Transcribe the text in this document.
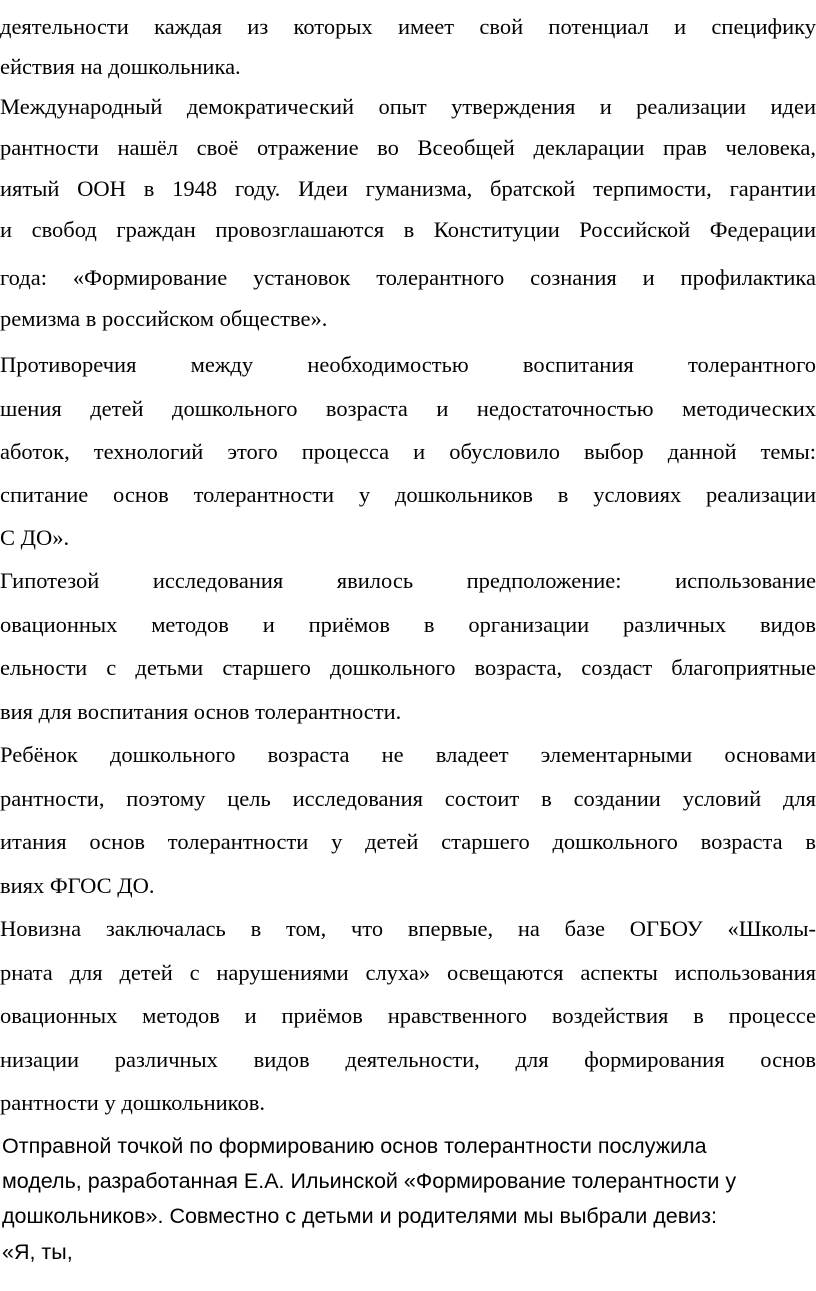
деятельности каждая из которых имеет свой потенциал и специфику
ействия на дошкольника.
Международный демократический опыт утверждения и реализации идеи
рантности нашёл своё отражение во Всеобщей декларации прав человека,
иятый ООН в 1948 году. Идеи гуманизма, братской терпимости, гарантии
и свобод граждан провозглашаются в Конституции Российской Федерации
года: «Формирование установок толерантного сознания и профилактика
ремизма в российском обществе».
Противоречия между необходимостью воспитания толерантного
шения детей дошкольного возраста и недостаточностью методических
аботок, технологий этого процесса и обусловило выбор данной темы:
спитание основ толерантности у дошкольников в условиях реализации
С ДО».
Гипотезой исследования явилось предположение: использование
овационных методов и приёмов в организации различных видов
ельности с детьми старшего дошкольного возраста, создаст благоприятные
вия для воспитания основ толерантности.
Ребёнок дошкольного возраста не владеет элементарными основами
рантности, поэтому цель исследования состоит в создании условий для
итания основ толерантности у детей старшего дошкольного возраста в
виях ФГОС ДО.
Новизна заключалась в том, что впервые, на базе ОГБОУ «Школы-
рната для детей с нарушениями слуха» освещаются аспекты использования
овационных методов и приёмов нравственного воздействия в процессе
низации различных видов деятельности, для формирования основ
рантности у дошкольников.
Отправной точкой по формированию основ толерантности послужила
модель, разработанная Е.А. Ильинской «Формирование толерантности у
дошкольников». Совместно с детьми и родителями мы выбрали девиз:
«Я, ты,
